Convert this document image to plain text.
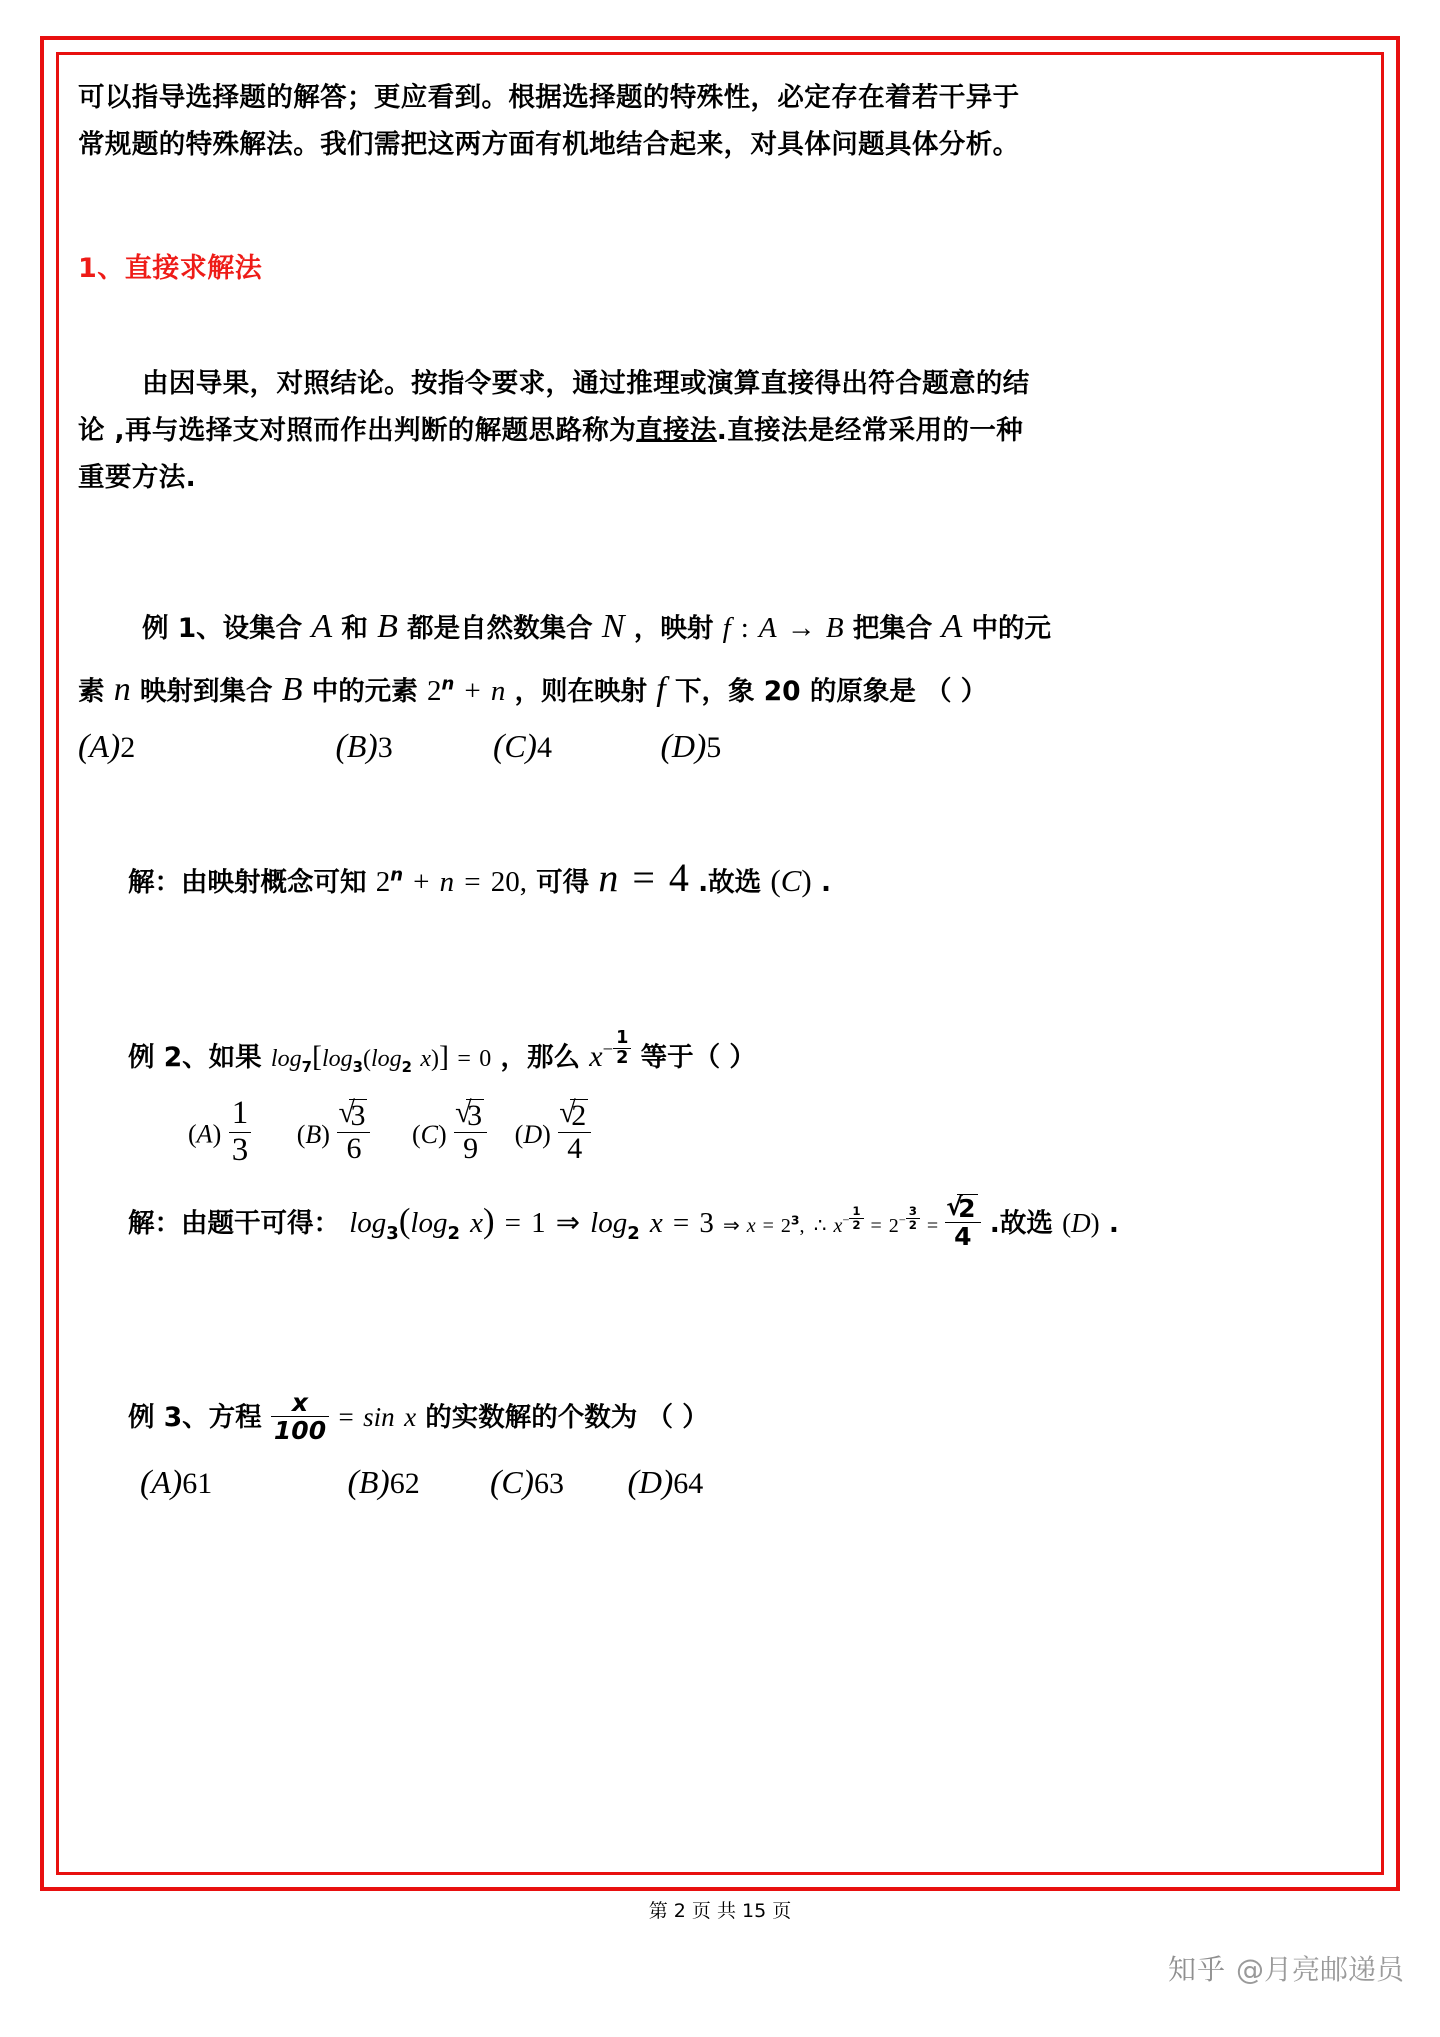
可以指导选择题的解答；更应看到。根据选择题的特殊性，必定存在着若干异于
常规题的特殊解法。我们需把这两方面有机地结合起来，对具体问题具体分析。
1、直接求解法
由因导果，对照结论。按指令要求，通过推理或演算直接得出符合题意的结
论 ,再与选择支对照而作出判断的解题思路称为直接法.直接法是经常采用的一种
重要方法.
例 1、设集合 A 和 B 都是自然数集合 N ，映射 f : A → B 把集合 A 中的元
素 n 映射到集合 B 中的元素 $2^n + n$ ，则在映射 f 下，象 20 的原象是 （ ）
(A)2	(B)3	(C)4	(D)5
解：由映射概念可知 $2^n + n = 20$, 可得 n = 4 .故选 (C) .
例 2、如果 $\log_7[\log_3(\log_2$ x)] = 0 ，那么 $x^{- \frac{1}{2}}$ 等于（ ）
$(A) \frac{1}{3} (B)$ √ $\frac{3}{6} (C)$ √ $\frac{3}{9} (D)$ √ $\frac{2}{4}$
解：由题干可得： $\log_3(\log_2$ x) = 1 ⇒ $\log_2 x = 3$ ⇒ $x = 2^3$, ∴ $x^{- \frac{1}{2}} = 2^{- \frac{3}{2}}$ = √ $\frac{2}{4}$ .故选 (D) .
例 3、方程 $\frac{x}{100} = \sin x$ 的实数解的个数为 （ ）
(A)61	(B)62 (C)63 (D)64
第 2 页 共 15 页
知乎 @月亮邮递员
